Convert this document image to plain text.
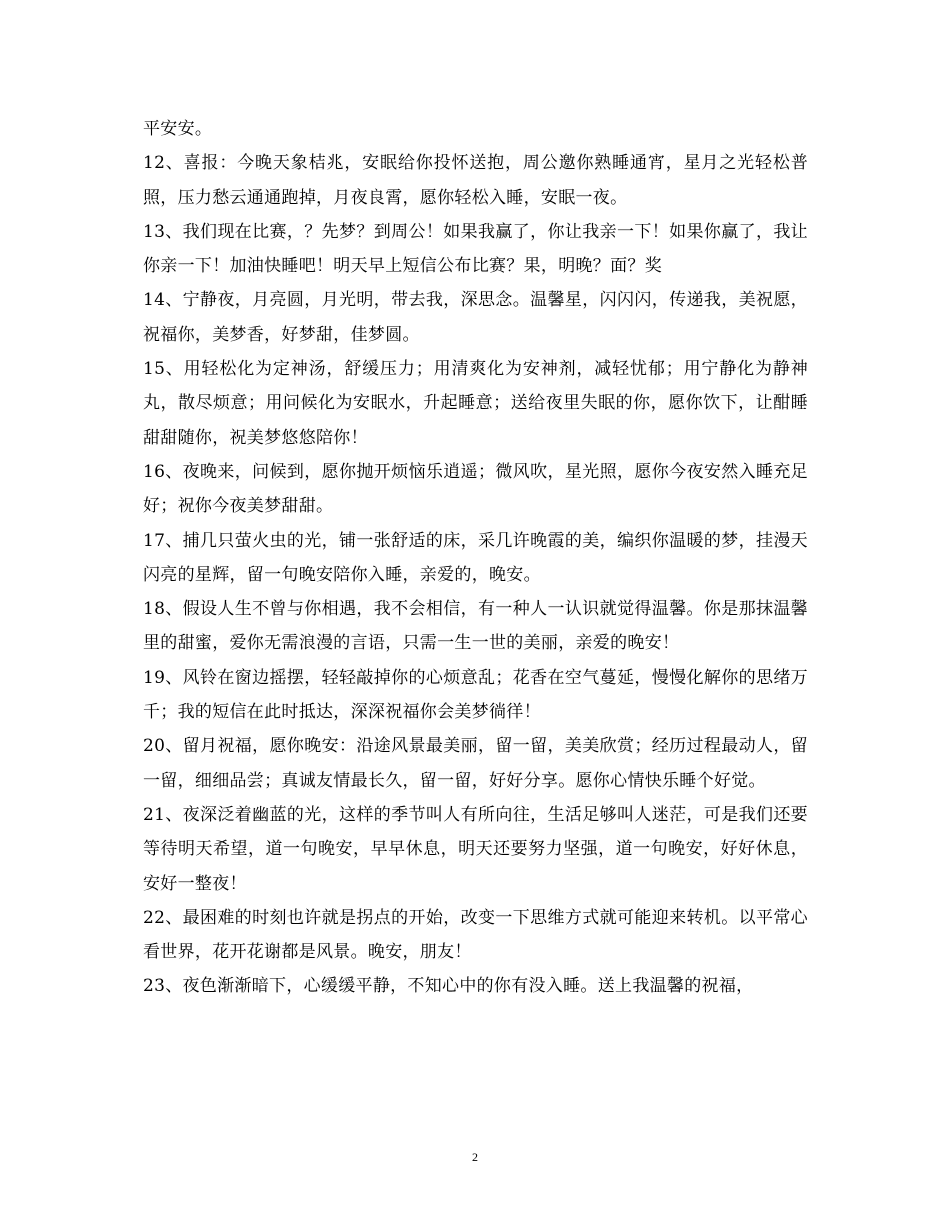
平安安。

12、喜报：今晚天象桔兆，安眠给你投怀送抱，周公邀你熟睡通宵，星月之光轻松普照，压力愁云通通跑掉，月夜良霄，愿你轻松入睡，安眠一夜。

13、我们现在比赛，？先梦？到周公！如果我赢了，你让我亲一下！如果你赢了，我让你亲一下！加油快睡吧！明天早上短信公布比赛？果，明晚？面？奖

14、宁静夜，月亮圆，月光明，带去我，深思念。温馨星，闪闪闪，传递我，美祝愿，祝福你，美梦香，好梦甜，佳梦圆。

15、用轻松化为定神汤，舒缓压力；用清爽化为安神剂，减轻忧郁；用宁静化为静神丸，散尽烦意；用问候化为安眠水，升起睡意；送给夜里失眠的你，愿你饮下，让酣睡甜甜随你，祝美梦悠悠陪你！

16、夜晚来，问候到，愿你抛开烦恼乐逍遥；微风吹，星光照，愿你今夜安然入睡充足好；祝你今夜美梦甜甜。

17、捕几只萤火虫的光，铺一张舒适的床，采几许晚霞的美，编织你温暖的梦，挂漫天闪亮的星辉，留一句晚安陪你入睡，亲爱的，晚安。

18、假设人生不曾与你相遇，我不会相信，有一种人一认识就觉得温馨。你是那抹温馨里的甜蜜，爱你无需浪漫的言语，只需一生一世的美丽，亲爱的晚安！

19、风铃在窗边摇摆，轻轻敲掉你的心烦意乱；花香在空气蔓延，慢慢化解你的思绪万千；我的短信在此时抵达，深深祝福你会美梦徜徉！

20、留月祝福，愿你晚安：沿途风景最美丽，留一留，美美欣赏；经历过程最动人，留一留，细细品尝；真诚友情最长久，留一留，好好分享。愿你心情快乐睡个好觉。

21、夜深泛着幽蓝的光，这样的季节叫人有所向往，生活足够叫人迷茫，可是我们还要等待明天希望，道一句晚安，早早休息，明天还要努力坚强，道一句晚安，好好休息，安好一整夜！

22、最困难的时刻也许就是拐点的开始，改变一下思维方式就可能迎来转机。以平常心看世界，花开花谢都是风景。晚安，朋友！

23、夜色渐渐暗下，心缓缓平静，不知心中的你有没入睡。送上我温馨的祝福，

2
